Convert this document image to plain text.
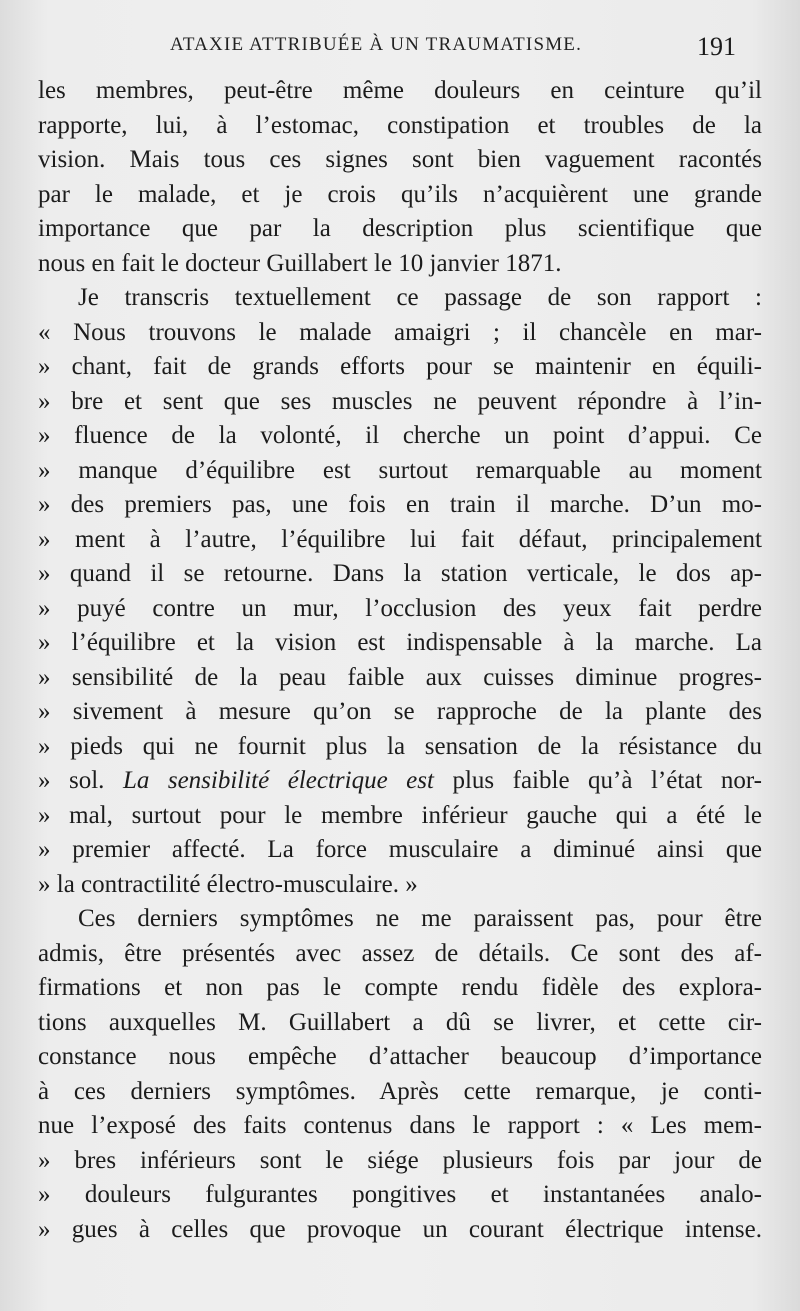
ATAXIE ATTRIBUÉE À UN TRAUMATISME.	191
les membres, peut-être même douleurs en ceinture qu’il
rapporte, lui, à l’estomac, constipation et troubles de la
vision. Mais tous ces signes sont bien vaguement racontés
par le malade, et je crois qu’ils n’acquièrent une grande
importance que par la description plus scientifique que
nous en fait le docteur Guillabert le 10 janvier 1871.
Je transcris textuellement ce passage de son rapport :
« Nous trouvons le malade amaigri ; il chancèle en mar-
» chant, fait de grands efforts pour se maintenir en équili-
» bre et sent que ses muscles ne peuvent répondre à l’in-
» fluence de la volonté, il cherche un point d’appui. Ce
» manque d’équilibre est surtout remarquable au moment
» des premiers pas, une fois en train il marche. D’un mo-
» ment à l’autre, l’équilibre lui fait défaut, principalement
» quand il se retourne. Dans la station verticale, le dos ap-
» puyé contre un mur, l’occlusion des yeux fait perdre
» l’équilibre et la vision est indispensable à la marche. La
» sensibilité de la peau faible aux cuisses diminue progres-
» sivement à mesure qu’on se rapproche de la plante des
» pieds qui ne fournit plus la sensation de la résistance du
» sol. La sensibilité électrique est plus faible qu’à l’état nor-
» mal, surtout pour le membre inférieur gauche qui a été le
» premier affecté. La force musculaire a diminué ainsi que
» la contractilité électro-musculaire. »
Ces derniers symptômes ne me paraissent pas, pour être
admis, être présentés avec assez de détails. Ce sont des af-
firmations et non pas le compte rendu fidèle des explora-
tions auxquelles M. Guillabert a dû se livrer, et cette cir-
constance nous empêche d’attacher beaucoup d’importance
à ces derniers symptômes. Après cette remarque, je conti-
nue l’exposé des faits contenus dans le rapport : « Les mem-
» bres inférieurs sont le siége plusieurs fois par jour de
» douleurs fulgurantes pongitives et instantanées analo-
» gues à celles que provoque un courant électrique intense.
